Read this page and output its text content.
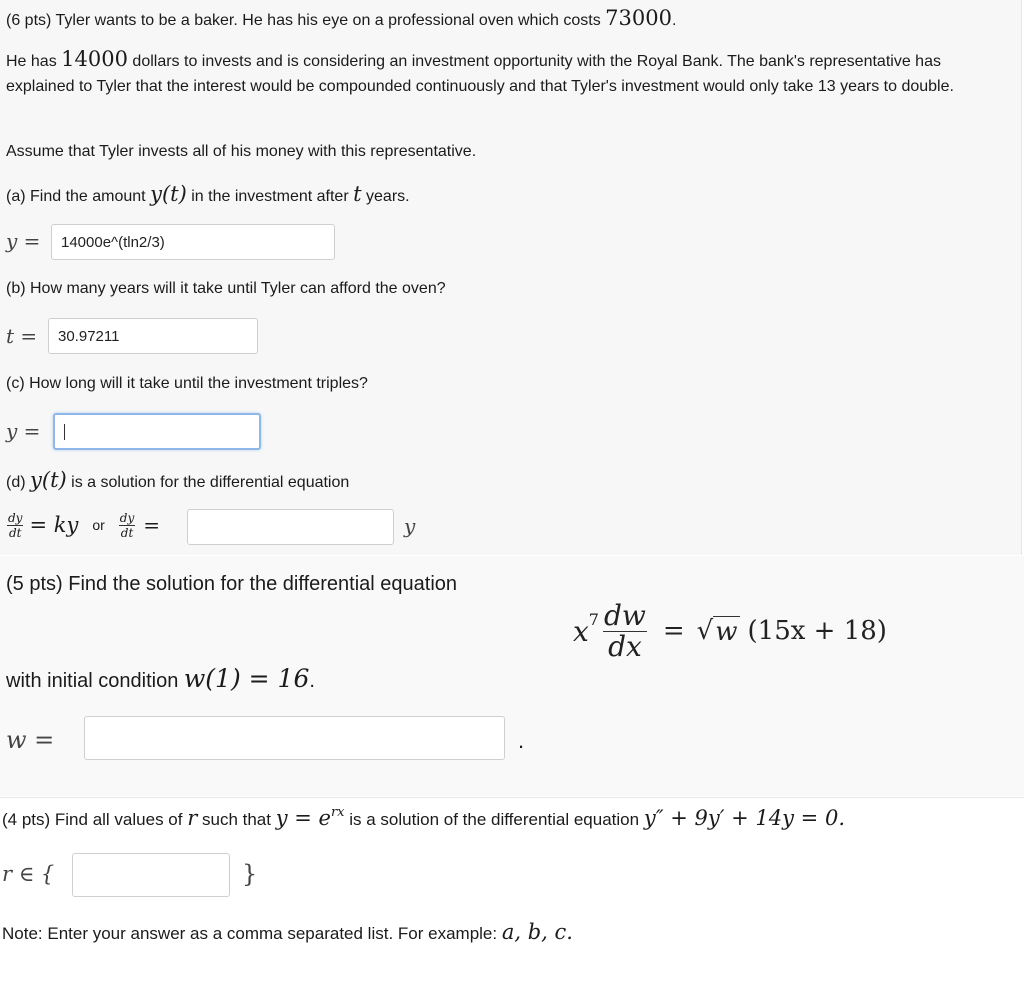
(6 pts) Tyler wants to be a baker. He has his eye on a professional oven which costs 73000.
He has 14000 dollars to invests and is considering an investment opportunity with the Royal Bank. The bank's representative has explained to Tyler that the interest would be compounded continuously and that Tyler's investment would only take 13 years to double.
Assume that Tyler invests all of his money with this representative.
(a) Find the amount y(t) in the investment after t years.
y = 14000e^(tln2/3)
(b) How many years will it take until Tyler can afford the oven?
t = 30.97211
(c) How long will it take until the investment triples?
y =
(d) y(t) is a solution for the differential equation
$\frac{dy}{dt}$ = ky or $\frac{dy}{dt}$ =	y
(5 pts) Find the solution for the differential equation
x $7 \frac{dw}{dx}$ = √ w (15x + 18)
with initial condition w(1) = 16.
w =	.
(4 pts) Find all values of r such that $y = e^{rx}$ is a solution of the differential equation y″ + 9y′ + 14y = 0.
r ∈ {	}
Note: Enter your answer as a comma separated list. For example: a, b, c.
